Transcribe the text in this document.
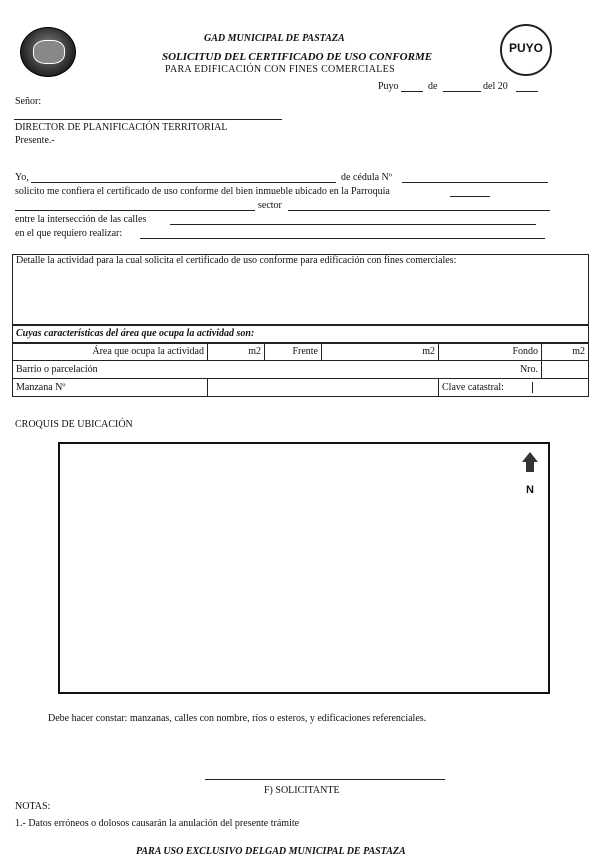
PUYO
GAD MUNICIPAL DE PASTAZA
SOLICITUD DEL CERTIFICADO DE USO CONFORME
PARA EDIFICACIÓN CON FINES COMERCIALES
Puyo	de	del 20
Señor:
DIRECTOR DE PLANIFICACIÓN TERRITORIAL
Presente.-
Yo,	de cédula Nº
solicito me confiera el certificado de uso conforme del bien inmueble ubicado en la Parroquia
sector
entre la intersección de las calles
en el que requiero realizar:
Detalle la actividad para la cual solicita el certificado de uso conforme para edificación con fines comerciales:
Cuyas características del área que ocupa la actividad son:
Área que ocupa la actividad	m2	Frente	m2	Fondo	m2
Barrio o parcelación				Nro.	
Manzana Nº				Clave catastral:	
CROQUIS DE UBICACIÓN
N
Debe hacer constar: manzanas, calles con nombre, ríos o esteros, y edificaciones referenciales.
F) SOLICITANTE
NOTAS:
1.- Datos erróneos o dolosos causarán la anulación del presente trámite
PARA USO EXCLUSIVO DELGAD MUNICIPAL DE PASTAZA
